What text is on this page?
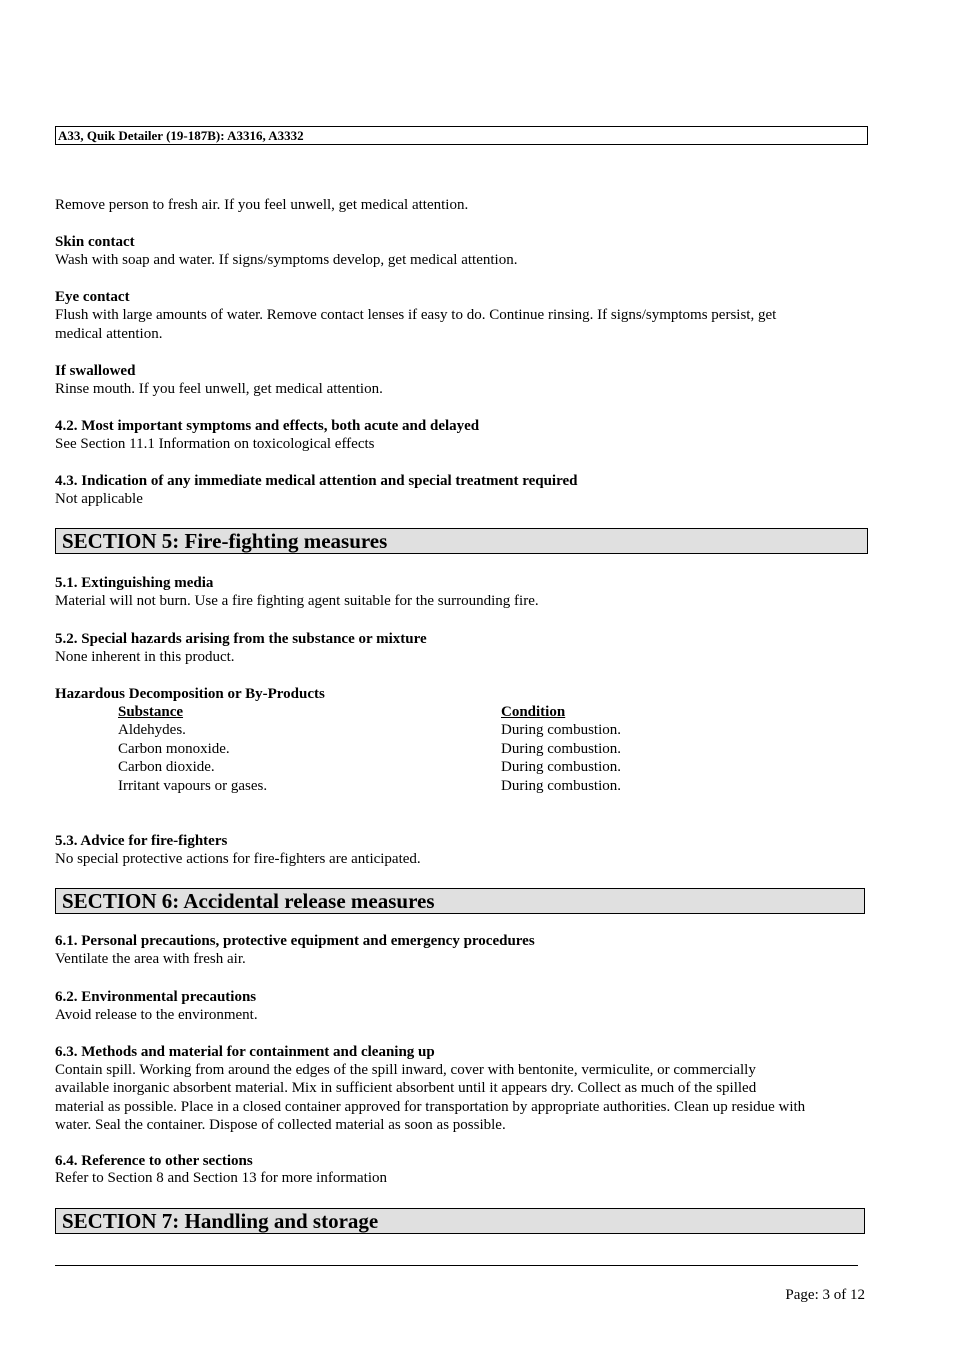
A33, Quik Detailer (19-187B): A3316, A3332
Remove person to fresh air. If you feel unwell, get medical attention.
Skin contact
Wash with soap and water. If signs/symptoms develop, get medical attention.
Eye contact
Flush with large amounts of water. Remove contact lenses if easy to do. Continue rinsing. If signs/symptoms persist, get
medical attention.
If swallowed
Rinse mouth. If you feel unwell, get medical attention.
4.2. Most important symptoms and effects, both acute and delayed
See Section 11.1 Information on toxicological effects
4.3. Indication of any immediate medical attention and special treatment required
Not applicable
SECTION 5: Fire-fighting measures
5.1. Extinguishing media
Material will not burn. Use a fire fighting agent suitable for the surrounding fire.
5.2. Special hazards arising from the substance or mixture
None inherent in this product.
Hazardous Decomposition or By-Products
Substance	Condition
Aldehydes.	During combustion.
Carbon monoxide.	During combustion.
Carbon dioxide.	During combustion.
Irritant vapours or gases.	During combustion.
5.3. Advice for fire-fighters
No special protective actions for fire-fighters are anticipated.
SECTION 6: Accidental release measures
6.1. Personal precautions, protective equipment and emergency procedures
Ventilate the area with fresh air.
6.2. Environmental precautions
Avoid release to the environment.
6.3. Methods and material for containment and cleaning up
Contain spill. Working from around the edges of the spill inward, cover with bentonite, vermiculite, or commercially
available inorganic absorbent material. Mix in sufficient absorbent until it appears dry. Collect as much of the spilled
material as possible. Place in a closed container approved for transportation by appropriate authorities. Clean up residue with
water. Seal the container. Dispose of collected material as soon as possible.
6.4. Reference to other sections
Refer to Section 8 and Section 13 for more information
SECTION 7: Handling and storage
Page: 3 of 12
